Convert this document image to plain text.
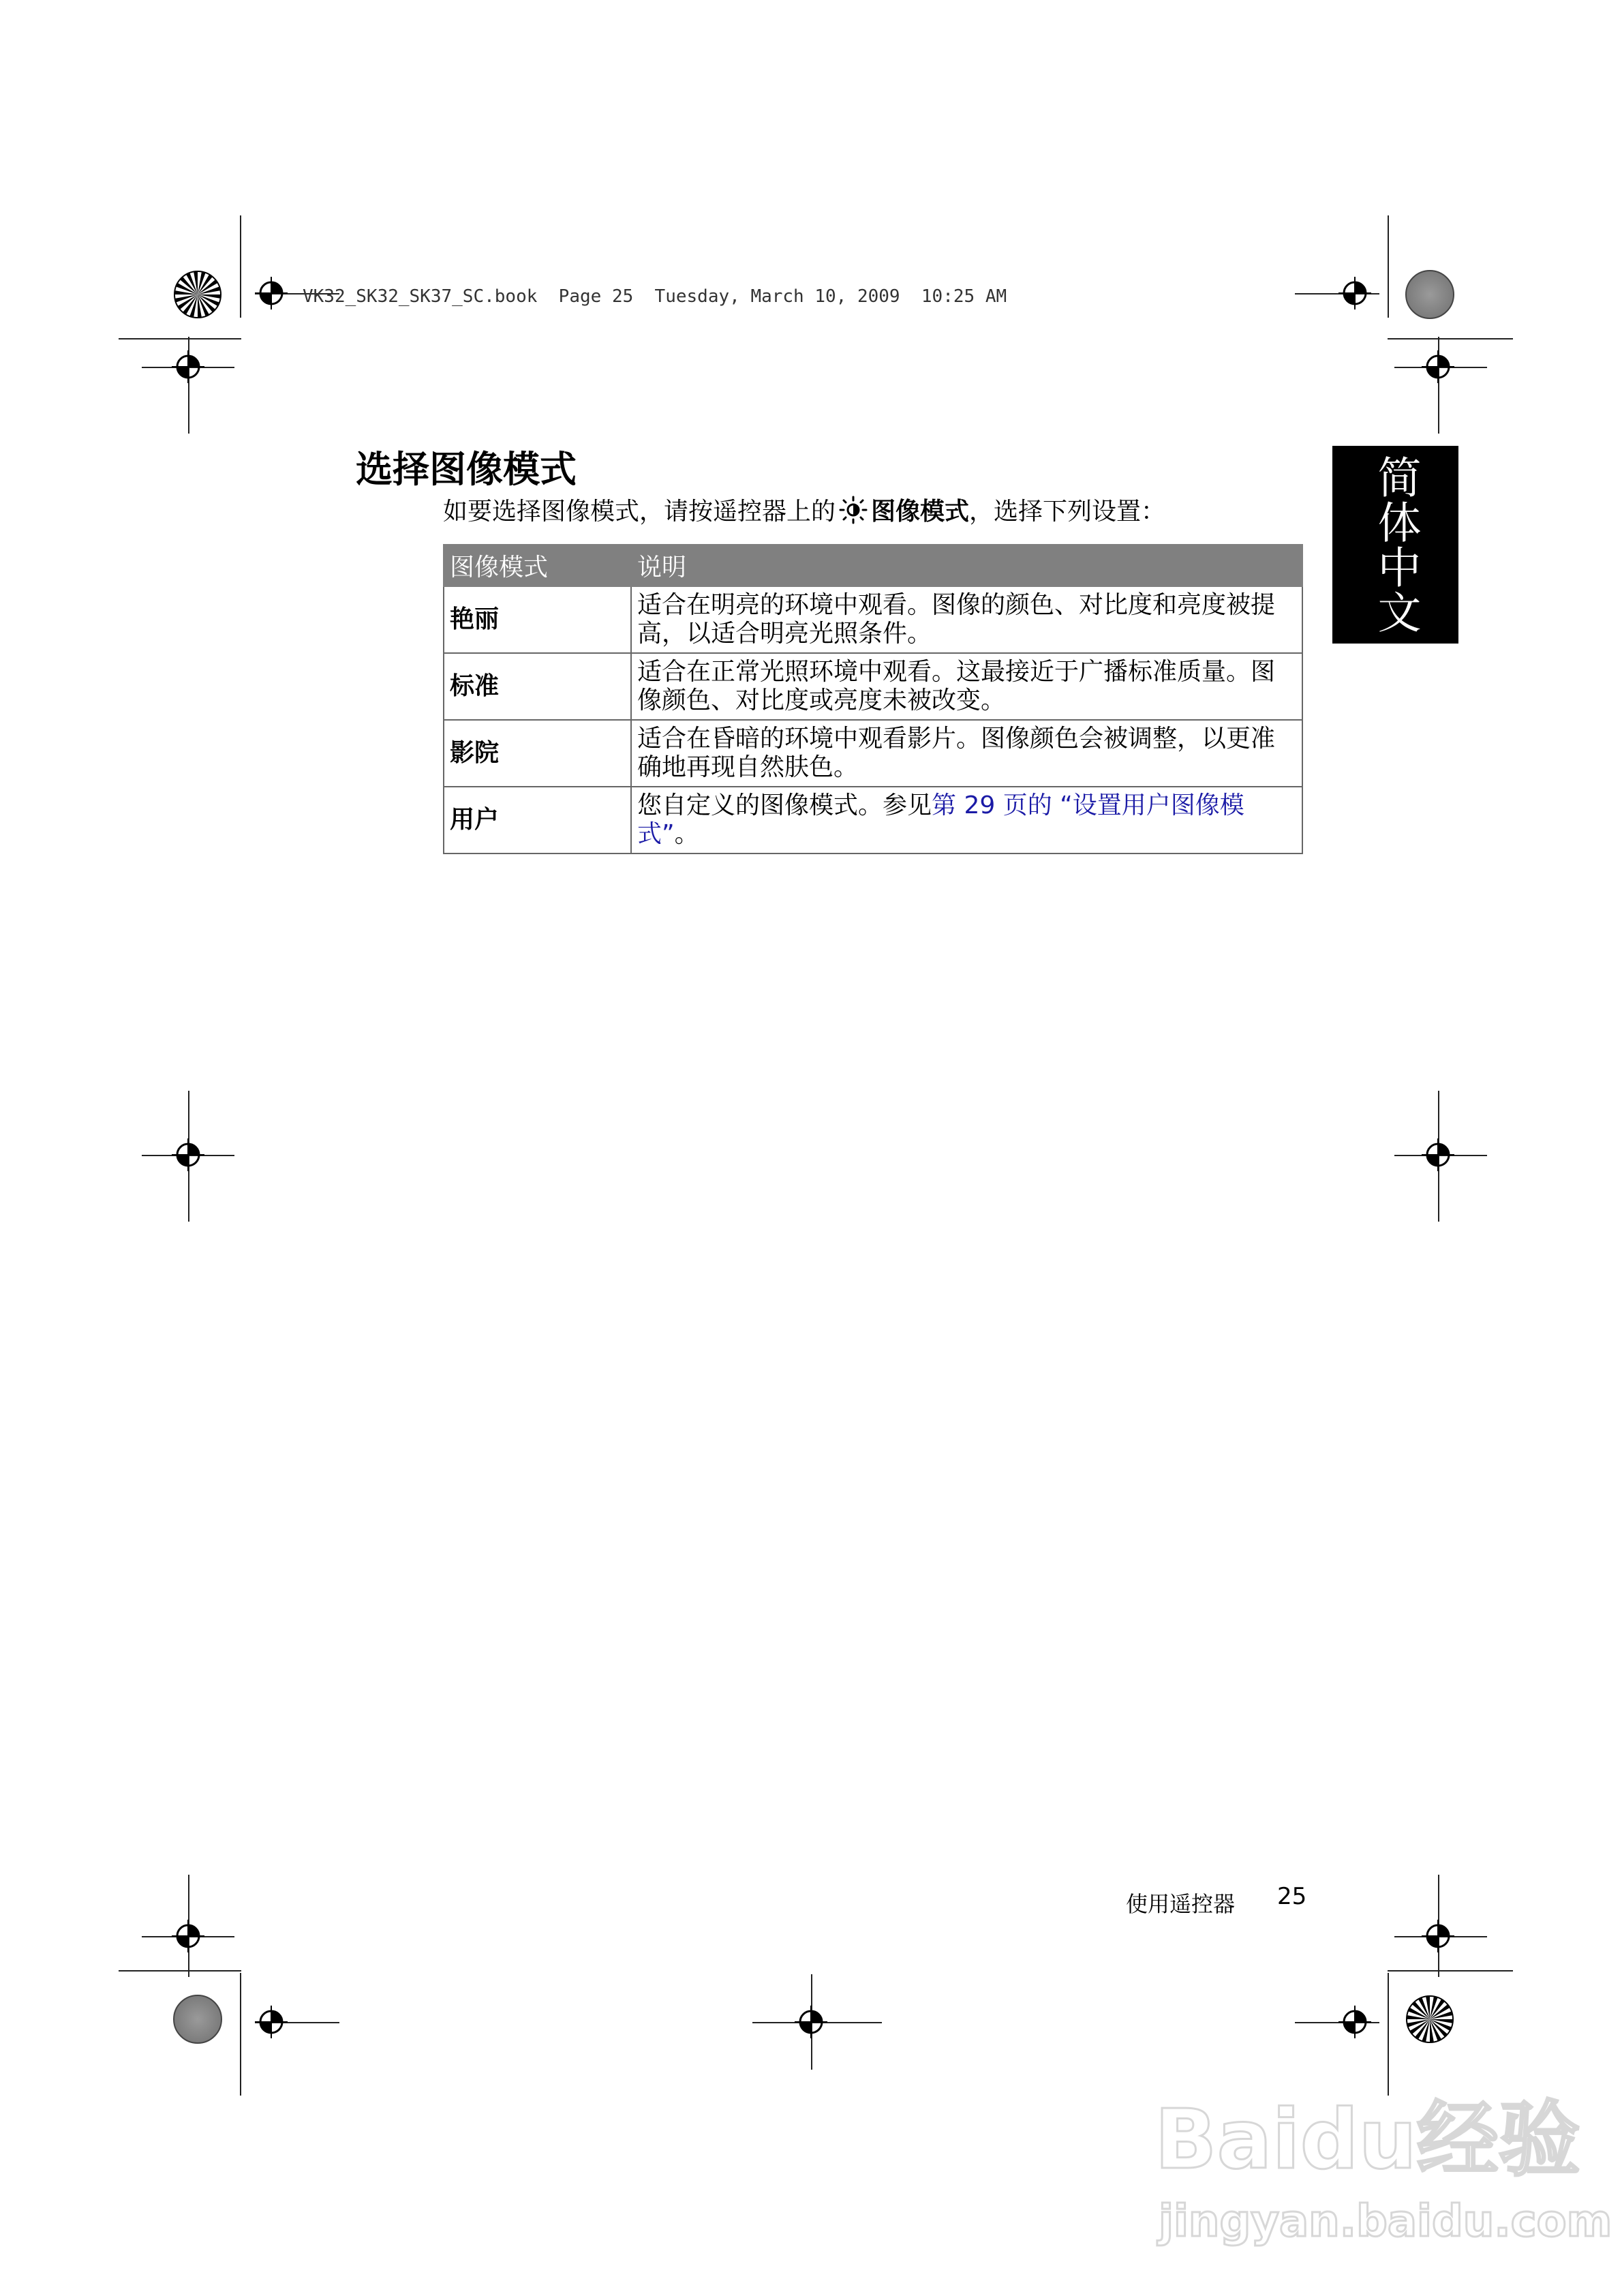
VK32_SK32_SK37_SC.book  Page 25  Tuesday, March 10, 2009  10:25 AM
简体中文
选择图像模式
如要选择图像模式，请按遥控器上的 图像模式 ，选择下列设置：
图像模式	说明
艳丽	适合在明亮的环境中观看。图像的颜色、对比度和亮度被提高，以适合明亮光照条件。
标准	适合在正常光照环境中观看。这最接近于广播标准质量。图像颜色、对比度或亮度未被改变。
影院	适合在昏暗的环境中观看影片。图像颜色会被调整，以更准确地再现自然肤色。
用户	您自定义的图像模式。参见第 29 页的 “设置用户图像模式”。
使用遥控器 25
Baidu经验
jingyan.baidu.com
